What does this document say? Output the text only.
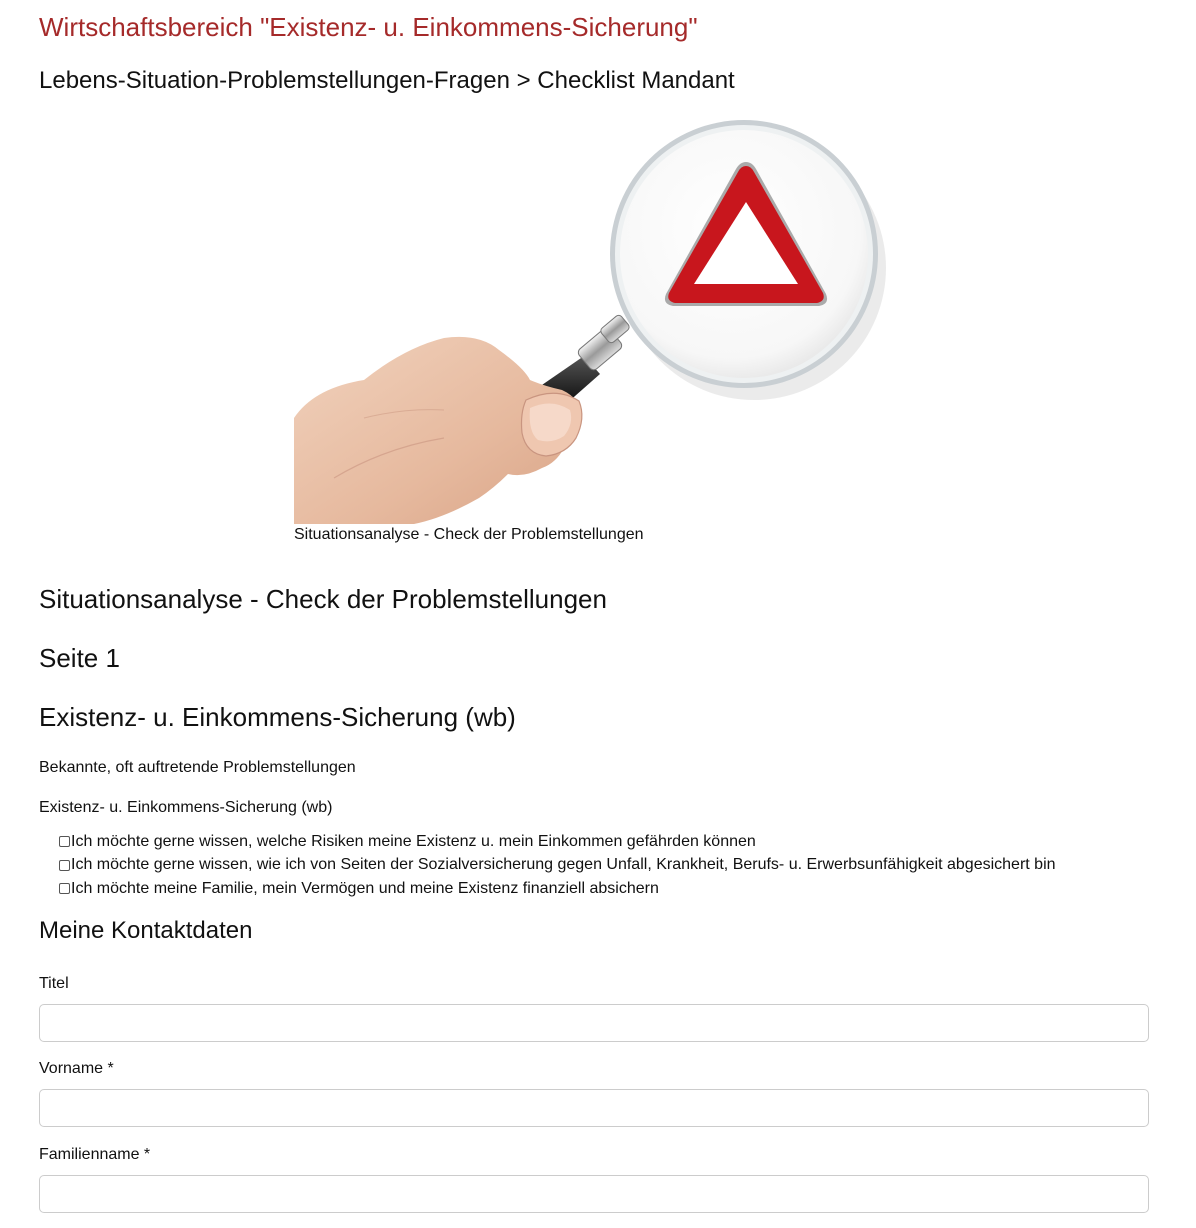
Wirtschaftsbereich "Existenz- u. Einkommens-Sicherung"
Lebens-Situation-Problemstellungen-Fragen > Checklist Mandant
Situationsanalyse - Check der Problemstellungen
Situationsanalyse - Check der Problemstellungen
Seite 1
Existenz- u. Einkommens-Sicherung (wb)

Bekannte, oft auftretende Problemstellungen

Existenz- u. Einkommens-Sicherung (wb)

Ich möchte gerne wissen, welche Risiken meine Existenz u. mein Einkommen gefährden können
Ich möchte gerne wissen, wie ich von Seiten der Sozialversicherung gegen Unfall, Krankheit, Berufs- u. Erwerbsunfähigkeit abgesichert bin
Ich möchte meine Familie, mein Vermögen und meine Existenz finanziell absichern
Meine Kontaktdaten
Titel
Vorname *
Familienname *
